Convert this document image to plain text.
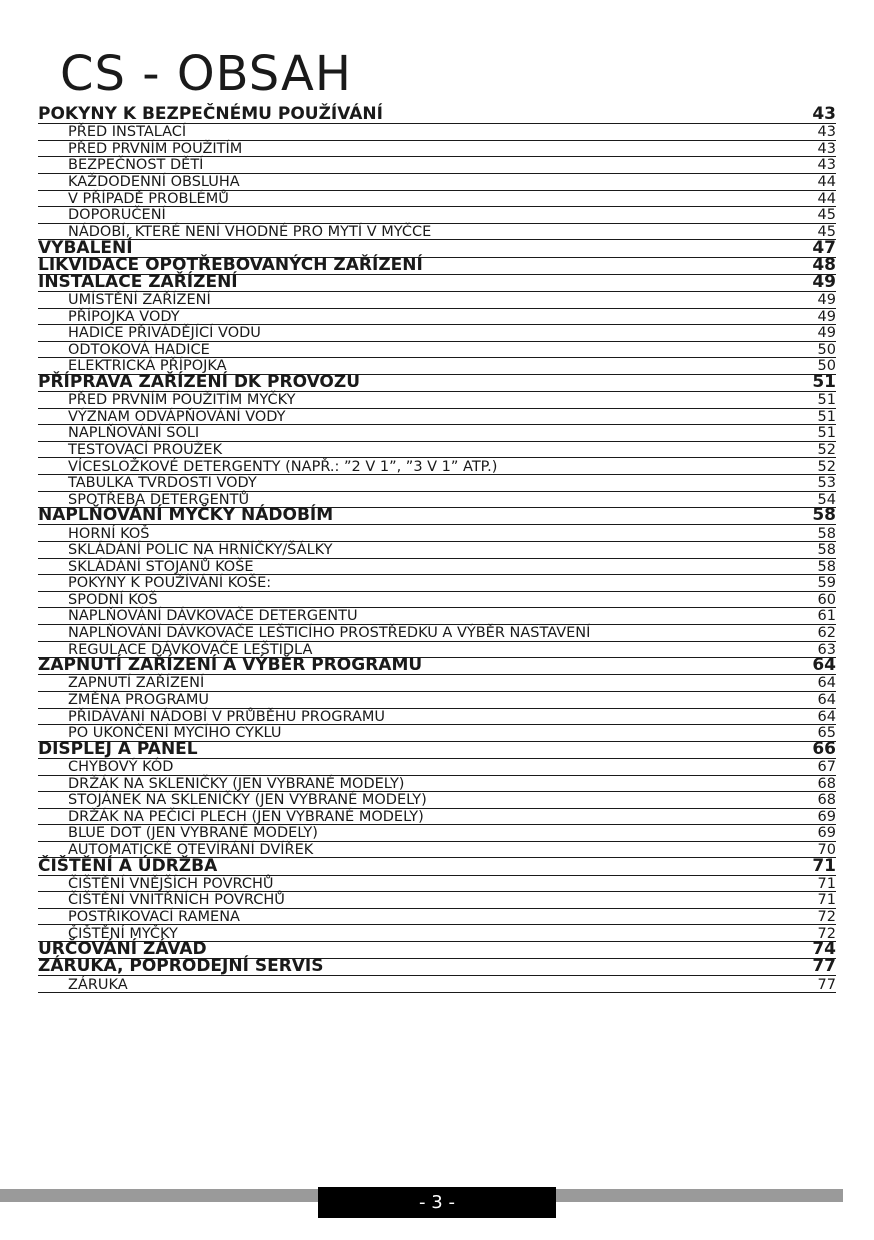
CS - OBSAH
POKYNY K BEZPEČNÉMU POUŽÍVÁNÍ	43
PŘED INSTALACÍ	43
PŘED PRVNÍM POUŽITÍM	43
BEZPEČNOST DĚTÍ	43
KAŽDODENNÍ OBSLUHA	44
V PŘÍPADĚ PROBLÉMŮ	44
DOPORUČENÍ	45
NÁDOBÍ, KTERÉ NENÍ VHODNÉ PRO MYTÍ V MYČCE	45
VYBALENÍ	47
LIKVIDACE OPOTŘEBOVANÝCH ZAŘÍZENÍ	48
INSTALACE ZAŘÍZENÍ	49
UMÍSTĚNÍ ZAŘÍZENÍ	49
PŘÍPOJKA VODY	49
HADICE PŘIVÁDĚJÍCÍ VODU	49
ODTOKOVÁ HADICE	50
ELEKTRICKÁ PŘÍPOJKA	50
PŘÍPRAVA ZAŘÍZENÍ DK PROVOZU	51
PŘED PRVNÍM POUŽITÍM MYČKY	51
VÝZNAM ODVÁPŇOVÁNÍ VODY	51
NAPLŇOVÁNÍ SOLI	51
TESTOVACÍ PROUŽEK	52
VÍCESLOŽKOVÉ DETERGENTY (NAPŘ.: ”2 V 1”, ”3 V 1” ATP.)	52
TABULKA TVRDOSTI VODY	53
SPOTŘEBA DETERGENTŮ	54
NAPLŇOVÁNÍ MYČKY NÁDOBÍM	58
HORNÍ KOŠ	58
SKLÁDÁNÍ POLIC NA HRNÍČKY/ŠÁLKY	58
SKLÁDÁNÍ STOJANŮ KOŠE	58
POKYNY K POUŽÍVÁNÍ KOŠE:	59
SPODNÍ KOŠ	60
NAPLŇOVÁNÍ DÁVKOVAČE DETERGENTU	61
NAPLŇOVÁNÍ DÁVKOVAČE LEŠTICÍHO PROSTŘEDKU A VÝBĚR NASTAVENÍ	62
REGULACE DÁVKOVAČE LEŠTIDLA	63
ZAPNUTÍ ZAŘÍZENÍ A VÝBĚR PROGRAMU	64
ZAPNUTÍ ZAŘÍZENÍ	64
ZMĚNA PROGRAMU	64
PŘIDÁVÁNÍ NÁDOBÍ V PRŮBĚHU PROGRAMU	64
PO UKONČENÍ MYCÍHO CYKLU	65
DISPLEJ A PANEL	66
CHYBOVÝ KÓD	67
DRŽÁK NA SKLENIČKY (JEN VYBRANÉ MODELY)	68
STOJÁNEK NA SKLENIČKY (JEN VYBRANÉ MODELY)	68
DRŽÁK NA PEČICÍ PLECH (JEN VYBRANÉ MODELY)	69
BLUE DOT (JEN VYBRANÉ MODELY)	69
AUTOMATICKÉ OTEVÍRÁNÍ DVÍŘEK	70
ČIŠTĚNÍ A ÚDRŽBA	71
ČIŠTĚNÍ VNĚJŠÍCH POVRCHŮ	71
ČIŠTĚNÍ VNITŘNÍCH POVRCHŮ	71
POSTŘIKOVACÍ RAMENA	72
ČIŠTĚNÍ MYČKY	72
URČOVÁNÍ ZÁVAD	74
ZÁRUKA, POPRODEJNÍ SERVIS	77
ZÁRUKA	77
- 3 -
